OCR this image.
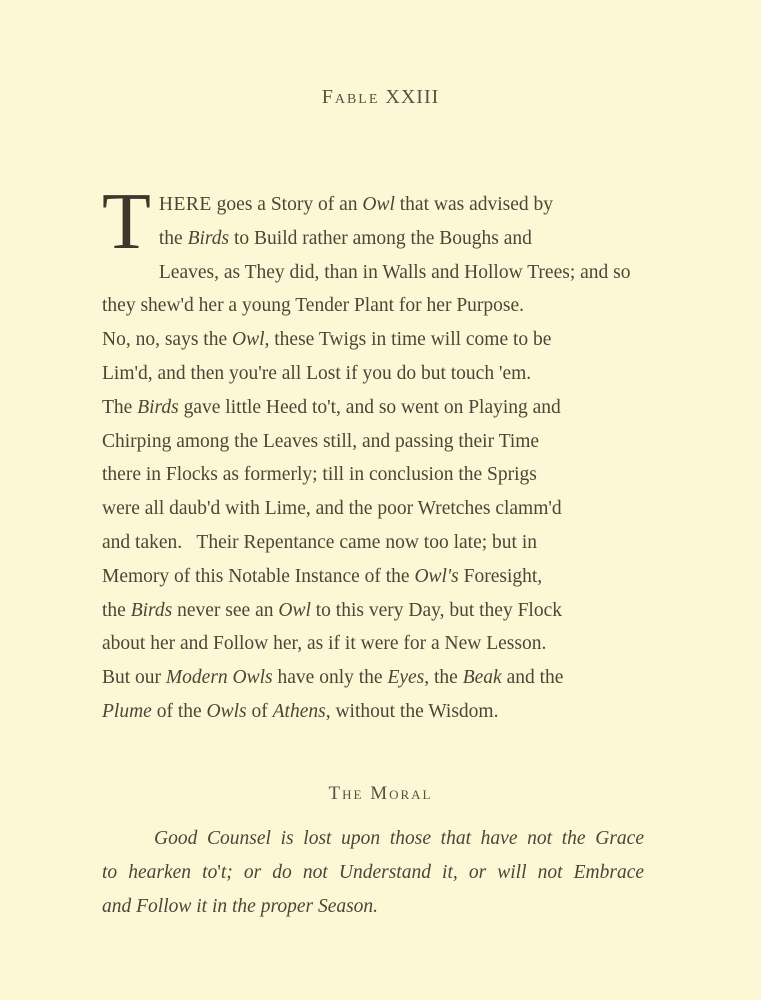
Fable XXIII
T HERE goes a Story of an Owl that was advised by
the Birds to Build rather among the Boughs and
Leaves, as They did, than in Walls and Hollow Trees; and so
they shew'd her a young Tender Plant for her Purpose.
No, no, says the Owl, these Twigs in time will come to be
Lim'd, and then you're all Lost if you do but touch 'em.
The Birds gave little Heed to't, and so went on Playing and
Chirping among the Leaves still, and passing their Time
there in Flocks as formerly; till in conclusion the Sprigs
were all daub'd with Lime, and the poor Wretches clamm'd
and taken.   Their Repentance came now too late; but in
Memory of this Notable Instance of the Owl's Foresight,
the Birds never see an Owl to this very Day, but they Flock
about her and Follow her, as if it were for a New Lesson.
But our Modern Owls have only the Eyes, the Beak and the
Plume of the Owls of Athens, without the Wisdom.
The Moral
Good Counsel is lost upon those that have not the Grace
to hearken to't; or do not Understand it, or will not Embrace
and Follow it in the proper Season.
